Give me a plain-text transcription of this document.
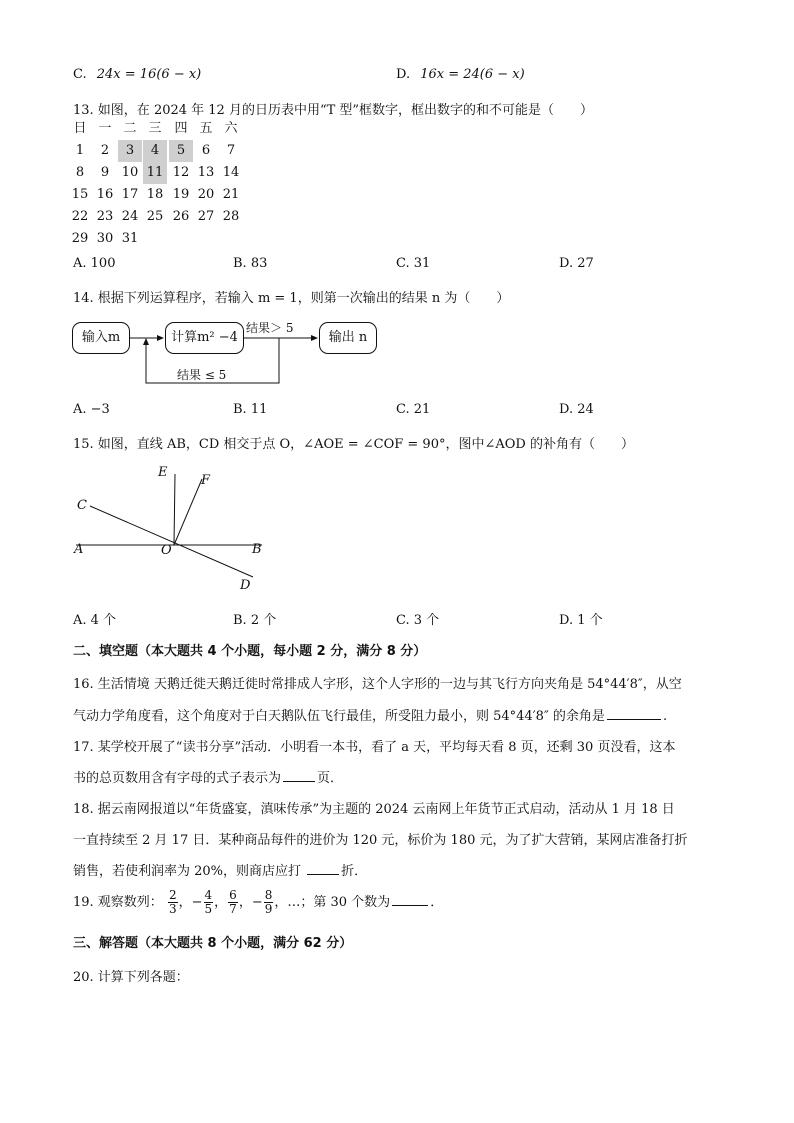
C. 24x = 16(6 − x)	D. 16x = 24(6 − x)
13. 如图，在 2024 年 12 月的日历表中用“T 型”框数字，框出数字的和不可能是（　　）
日 一 二 三 四 五 六
1	2	3	4	5	6	7
8	9 10 11 12 13 14
15 16 17 18 19 20 21
22 23 24 25 26 27 28
29 30 31
A. 100	B. 83	C. 31	D. 27
14. 根据下列运算程序，若输入 m = 1，则第一次输出的结果 n 为（　　）
输入m	计算m² −4	输出 n
结果＞ 5
结果 ≤ 5
A. −3	B. 11	C. 21	D. 24
15. 如图，直线 AB，CD 相交于点 O，∠AOE = ∠COF = 90°，图中∠AOD 的补角有（　　）
E
F
C
A	O	B
D
A. 4 个	B. 2 个	C. 3 个	D. 1 个
二、填空题（本大题共 4 个小题，每小题 2 分，满分 8 分）
16. 生活情境 天鹅迁徙天鹅迁徙时常排成人字形，这个人字形的一边与其飞行方向夹角是 54°44′8″，从空
气动力学角度看，这个角度对于白天鹅队伍飞行最佳，所受阻力最小，则 54°44′8″ 的余角是	.
17. 某学校开展了“读书分享”活动．小明看一本书，看了 a 天，平均每天看 8 页，还剩 30 页没看，这本
书的总页数用含有字母的式子表示为	页．
18. 据云南网报道以“年货盛宴，滇味传承”为主题的 2024 云南网上年货节正式启动，活动从 1 月 18 日
一直持续至 2 月 17 日．某种商品每件的进价为 120 元，标价为 180 元，为了扩大营销，某网店准备打折
销售，若使利润率为 20%，则商店应打	折．
19. 观察数列： $\frac{2}{3}$ ，− $\frac{4}{5}$ ， $\frac{6}{7}$ ，− $\frac{8}{9}$ ，…；第 30 个数为	．
三、解答题（本大题共 8 个小题，满分 62 分）
20. 计算下列各题：
